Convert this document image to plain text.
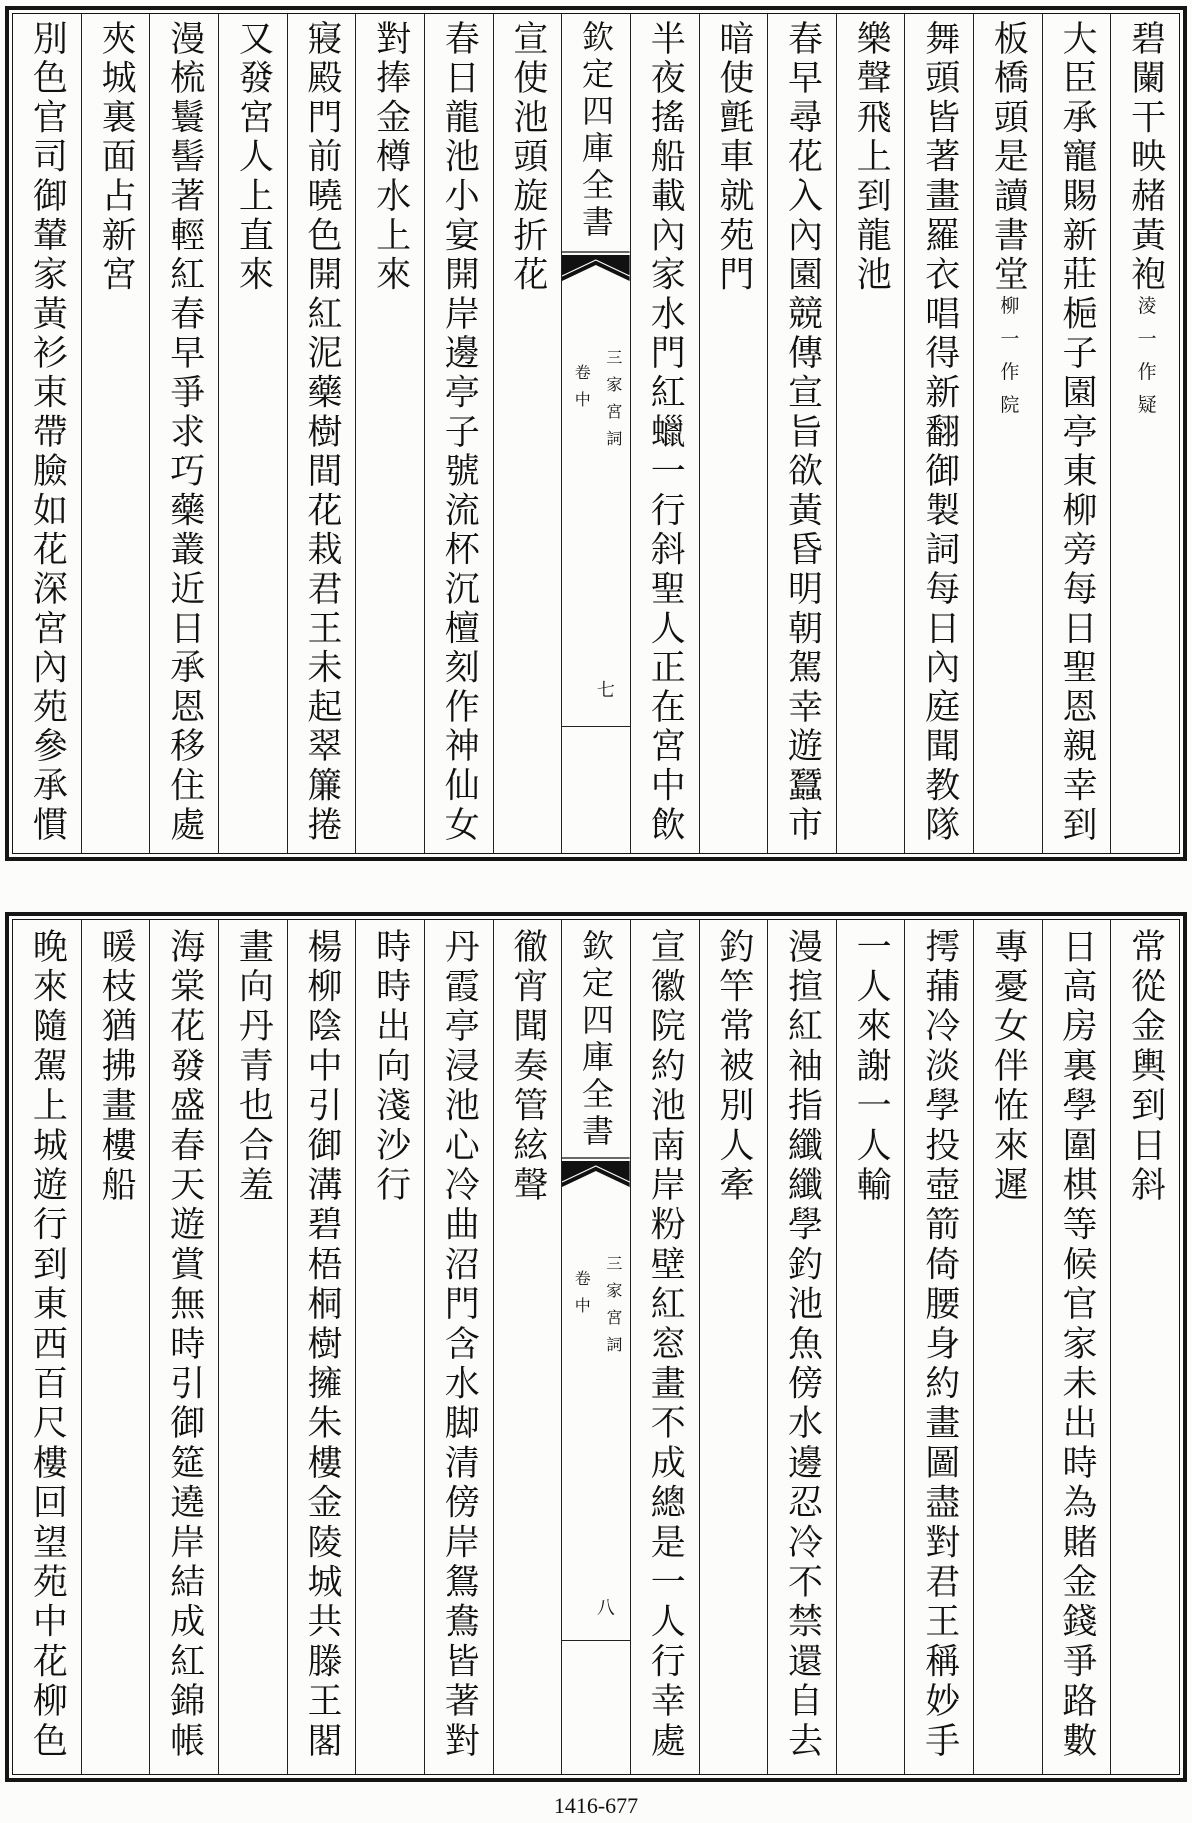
碧闌干映赭黃袍淩一作疑
大臣承寵賜新莊梔子園亭東柳旁每日聖恩親幸到
板橋頭是讀書堂柳一作院
舞頭皆著畫羅衣唱得新翻御製詞每日內庭聞教隊
樂聲飛上到龍池
春早尋花入內園競傳宣旨欲黃昏明朝駕幸遊蠶市
暗使氈車就苑門
半夜搖船載內家水門紅蠟一行斜聖人正在宮中飲
欽定四庫全書
三家宮詞
卷中
七
宣使池頭旋折花
春日龍池小宴開岸邊亭子號流杯沉檀刻作神仙女
對捧金樽水上來
寢殿門前曉色開紅泥藥樹間花栽君王未起翠簾捲
又發宮人上直來
漫梳鬟髻著輕紅春早爭求巧藥叢近日承恩移住處
夾城裏面占新宮
別色官司御輦家黃衫束帶臉如花深宮內苑參承慣
常從金輿到日斜
日高房裏學圍棋等候官家未出時為賭金錢爭路數
專憂女伴恠來遲
摴蒱冷淡學投壺箭倚腰身約畫圖盡對君王稱妙手
一人來謝一人輸
漫揎紅袖指纖纖學釣池魚傍水邊忍冷不禁還自去
釣竿常被別人牽
宣徽院約池南岸粉壁紅窓畫不成總是一人行幸處
欽定四庫全書
三家宮詞
卷中
八
徹宵聞奏管絃聲
丹霞亭浸池心冷曲沼門含水脚清傍岸鴛鴦皆著對
時時出向淺沙行
楊柳陰中引御溝碧梧桐樹擁朱樓金陵城共滕王閣
畫向丹青也合羞
海棠花發盛春天遊賞無時引御筵遶岸結成紅錦帳
暖枝猶拂畫樓船
晚來隨駕上城遊行到東西百尺樓回望苑中花柳色
1416-677
